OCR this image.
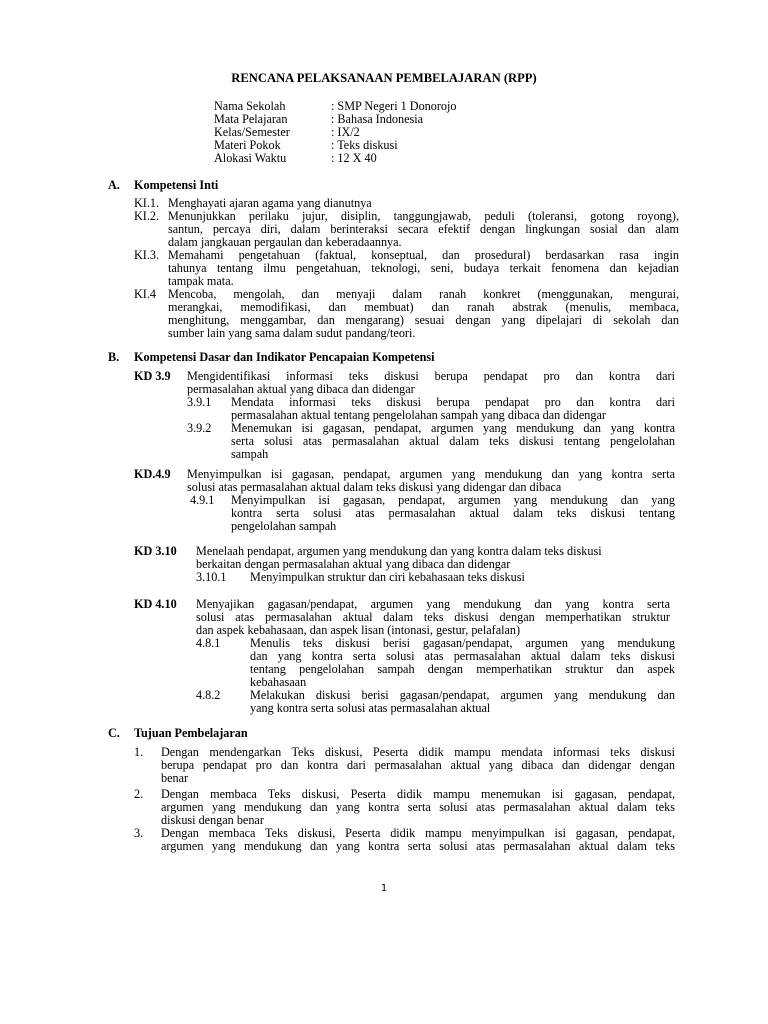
RENCANA PELAKSANAAN PEMBELAJARAN (RPP)
Nama Sekolah	: SMP Negeri 1 Donorojo
Mata Pelajaran	: Bahasa Indonesia
Kelas/Semester	: IX/2
Materi Pokok	: Teks diskusi
Alokasi Waktu	: 12 X 40
A. Kompetensi Inti
KI.1. Menghayati ajaran agama yang dianutnya
KI.2. Menunjukkan perilaku jujur, disiplin, tanggungjawab, peduli (toleransi, gotong royong),
santun, percaya diri, dalam berinteraksi secara efektif dengan lingkungan sosial dan alam
dalam jangkauan pergaulan dan keberadaannya.
KI.3. Memahami pengetahuan (faktual, konseptual, dan prosedural) berdasarkan rasa ingin
tahunya tentang ilmu pengetahuan, teknologi, seni, budaya terkait fenomena dan kejadian
tampak mata.
KI.4 Mencoba, mengolah, dan menyaji dalam ranah konkret (menggunakan, mengurai,
merangkai, memodifikasi, dan membuat) dan ranah abstrak (menulis, membaca,
menghitung, menggambar, dan mengarang) sesuai dengan yang dipelajari di sekolah dan
sumber lain yang sama dalam sudut pandang/teori.
B. Kompetensi Dasar dan Indikator Pencapaian Kompetensi
KD 3.9 Mengidentifikasi informasi teks diskusi berupa pendapat pro dan kontra dari
permasalahan aktual yang dibaca dan didengar
3.9.1 Mendata informasi teks diskusi berupa pendapat pro dan kontra dari
permasalahan aktual tentang pengelolahan sampah yang dibaca dan didengar
3.9.2 Menemukan isi gagasan, pendapat, argumen yang mendukung dan yang kontra
serta solusi atas permasalahan aktual dalam teks diskusi tentang pengelolahan
sampah
KD.4.9 Menyimpulkan isi gagasan, pendapat, argumen yang mendukung dan yang kontra serta
solusi atas permasalahan aktual dalam teks diskusi yang didengar dan dibaca
4.9.1 Menyimpulkan isi gagasan, pendapat, argumen yang mendukung dan yang
kontra serta solusi atas permasalahan aktual dalam teks diskusi tentang
pengelolahan sampah
KD 3.10 Menelaah pendapat, argumen yang mendukung dan yang kontra dalam teks diskusi
berkaitan dengan permasalahan aktual yang dibaca dan didengar
3.10.1 Menyimpulkan struktur dan ciri kebahasaan teks diskusi
KD 4.10 Menyajikan gagasan/pendapat, argumen yang mendukung dan yang kontra serta
solusi atas permasalahan aktual dalam teks diskusi dengan memperhatikan struktur
dan aspek kebahasaan, dan aspek lisan (intonasi, gestur, pelafalan)
4.8.1 Menulis teks diskusi berisi gagasan/pendapat, argumen yang mendukung
dan yang kontra serta solusi atas permasalahan aktual dalam teks diskusi
tentang pengelolahan sampah dengan memperhatikan struktur dan aspek
kebahasaan
4.8.2 Melakukan diskusi berisi gagasan/pendapat, argumen yang mendukung dan
yang kontra serta solusi atas permasalahan aktual
C. Tujuan Pembelajaran
1. Dengan mendengarkan Teks diskusi, Peserta didik mampu mendata informasi teks diskusi
berupa pendapat pro dan kontra dari permasalahan aktual yang dibaca dan didengar dengan
benar
2. Dengan membaca Teks diskusi, Peserta didik mampu menemukan isi gagasan, pendapat,
argumen yang mendukung dan yang kontra serta solusi atas permasalahan aktual dalam teks
diskusi dengan benar
3. Dengan membaca Teks diskusi, Peserta didik mampu menyimpulkan isi gagasan, pendapat,
argumen yang mendukung dan yang kontra serta solusi atas permasalahan aktual dalam teks
1
